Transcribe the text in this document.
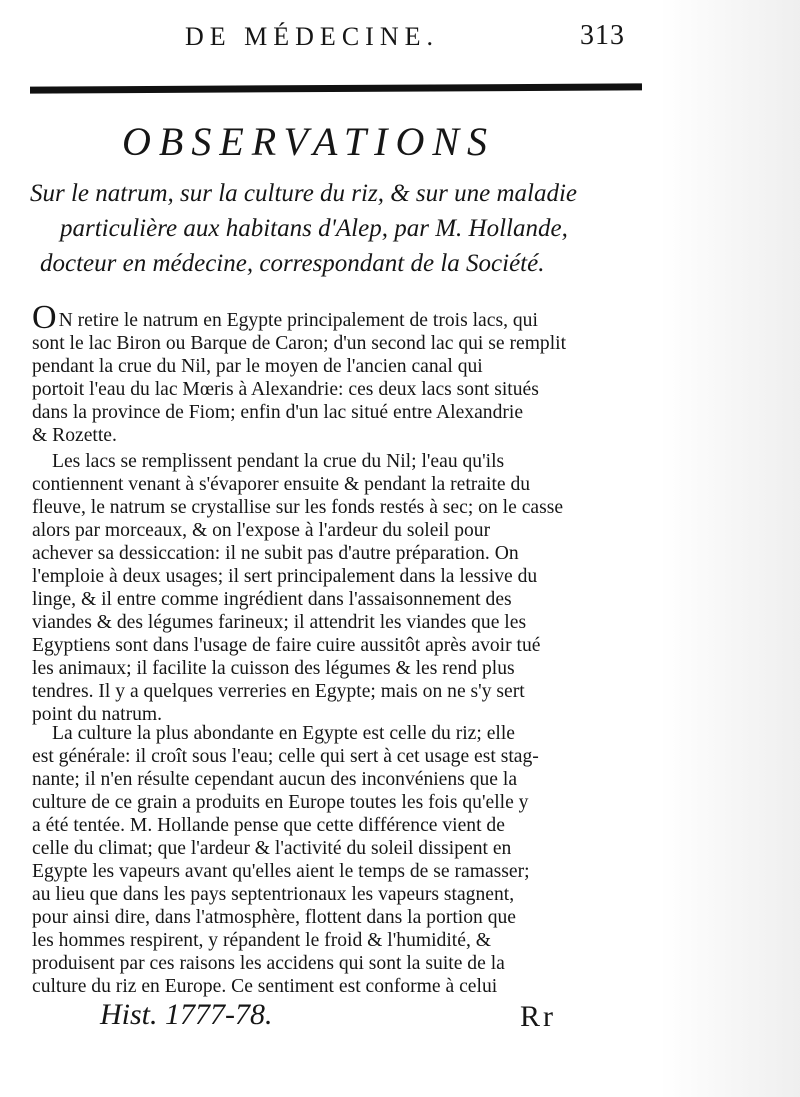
DE MÉDECINE.	313
OBSERVATIONS
Sur le natrum, sur la culture du riz, & sur une maladie
particulière aux habitans d'Alep, par M. Hollande,
docteur en médecine, correspondant de la Société.
O N retire le natrum en Egypte principalement de trois lacs, qui
sont le lac Biron ou Barque de Caron; d'un second lac qui se remplit
pendant la crue du Nil, par le moyen de l'ancien canal qui
portoit l'eau du lac Mœris à Alexandrie: ces deux lacs sont situés
dans la province de Fiom; enfin d'un lac situé entre Alexandrie
& Rozette.
Les lacs se remplissent pendant la crue du Nil; l'eau qu'ils
contiennent venant à s'évaporer ensuite & pendant la retraite du
fleuve, le natrum se crystallise sur les fonds restés à sec; on le casse
alors par morceaux, & on l'expose à l'ardeur du soleil pour
achever sa dessiccation: il ne subit pas d'autre préparation. On
l'emploie à deux usages; il sert principalement dans la lessive du
linge, & il entre comme ingrédient dans l'assaisonnement des
viandes & des légumes farineux; il attendrit les viandes que les
Egyptiens sont dans l'usage de faire cuire aussitôt après avoir tué
les animaux; il facilite la cuisson des légumes & les rend plus
tendres. Il y a quelques verreries en Egypte; mais on ne s'y sert
point du natrum.
La culture la plus abondante en Egypte est celle du riz; elle
est générale: il croît sous l'eau; celle qui sert à cet usage est stag-
nante; il n'en résulte cependant aucun des inconvéniens que la
culture de ce grain a produits en Europe toutes les fois qu'elle y
a été tentée. M. Hollande pense que cette différence vient de
celle du climat; que l'ardeur & l'activité du soleil dissipent en
Egypte les vapeurs avant qu'elles aient le temps de se ramasser;
au lieu que dans les pays septentrionaux les vapeurs stagnent,
pour ainsi dire, dans l'atmosphère, flottent dans la portion que
les hommes respirent, y répandent le froid & l'humidité, &
produisent par ces raisons les accidens qui sont la suite de la
culture du riz en Europe. Ce sentiment est conforme à celui
Hist. 1777-78.	Rr
